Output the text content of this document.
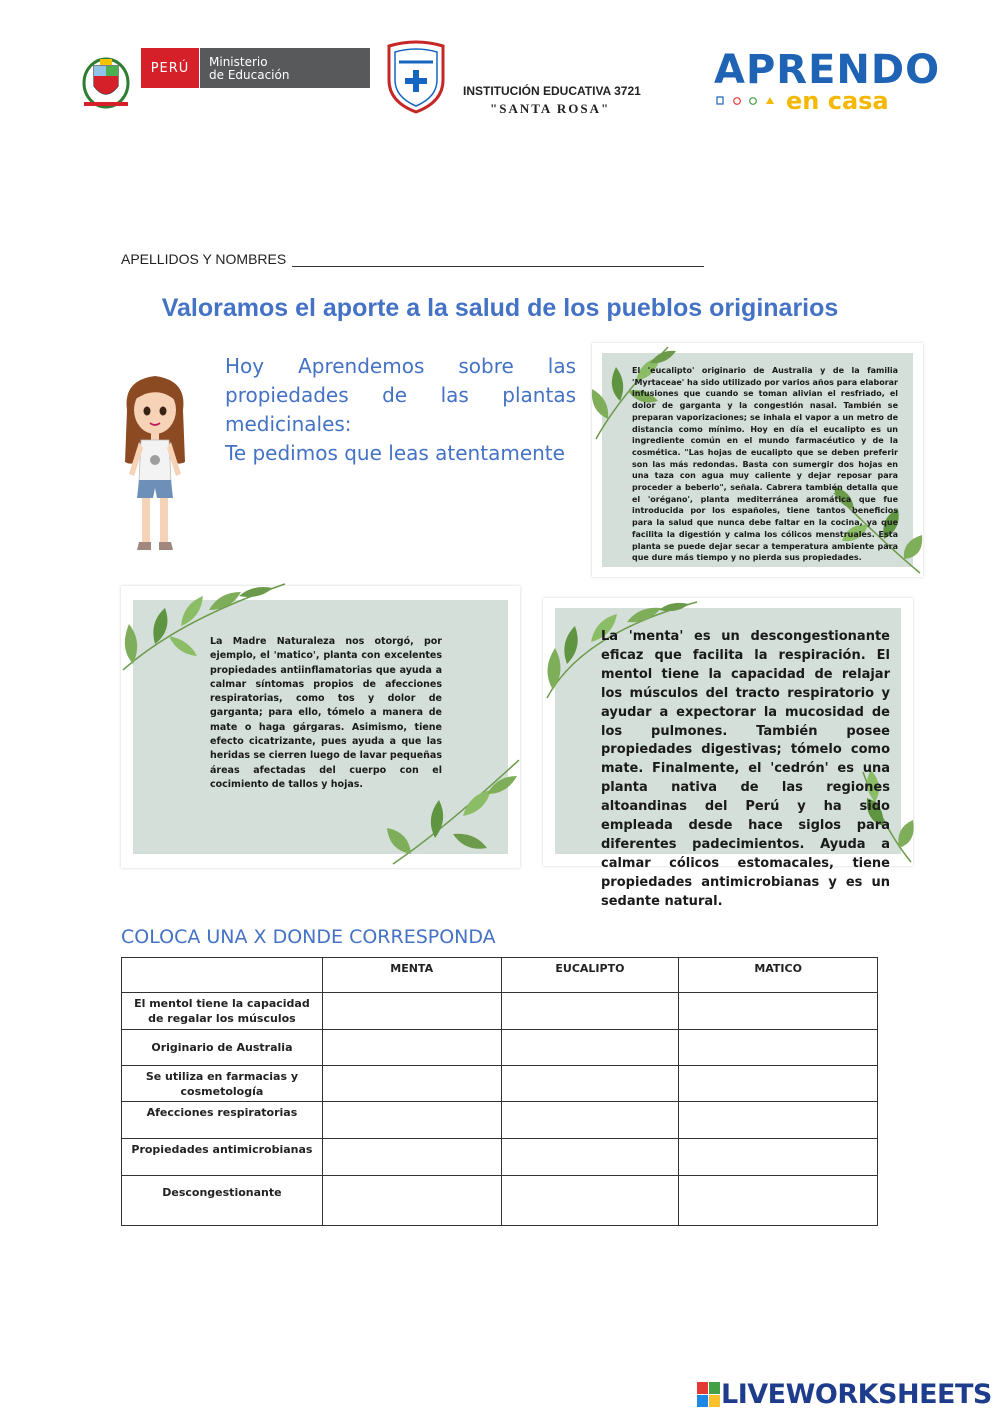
PERÚ	Ministerio
de Educación
INSTITUCIÓN EDUCATIVA 3721
"SANTA ROSA"
APRENDO
en casa
APELLIDOS Y NOMBRES
Valoramos el aporte a la salud de los pueblos originarios
Hoy Aprendemos sobre las
propiedades de las plantas
medicinales:
Te pedimos que leas atentamente
El 'eucalipto' originario de Australia y de la familia 'Myrtaceae' ha sido utilizado por varios años para elaborar infusiones que cuando se toman alivian el resfriado, el dolor de garganta y la congestión nasal. También se preparan vaporizaciones; se inhala el vapor a un metro de distancia como mínimo. Hoy en día el eucalipto es un ingrediente común en el mundo farmacéutico y de la cosmética. "Las hojas de eucalipto que se deben preferir son las más redondas. Basta con sumergir dos hojas en una taza con agua muy caliente y dejar reposar para proceder a beberlo", señala. Cabrera también detalla que el 'orégano', planta mediterránea aromática que fue introducida por los españoles, tiene tantos beneficios para la salud que nunca debe faltar en la cocina, ya que facilita la digestión y calma los cólicos menstruales. Esta planta se puede dejar secar a temperatura ambiente para que dure más tiempo y no pierda sus propiedades.
La Madre Naturaleza nos otorgó, por ejemplo, el 'matico', planta con excelentes propiedades antiinflamatorias que ayuda a calmar síntomas propios de afecciones respiratorias, como tos y dolor de garganta; para ello, tómelo a manera de mate o haga gárgaras. Asimismo, tiene efecto cicatrizante, pues ayuda a que las heridas se cierren luego de lavar pequeñas áreas afectadas del cuerpo con el cocimiento de tallos y hojas.
La 'menta' es un descongestionante eficaz que facilita la respiración. El mentol tiene la capacidad de relajar los músculos del tracto respiratorio y ayudar a expectorar la mucosidad de los pulmones. También posee propiedades digestivas; tómelo como mate. Finalmente, el 'cedrón' es una planta nativa de las regiones altoandinas del Perú y ha sido empleada desde hace siglos para diferentes padecimientos. Ayuda a calmar cólicos estomacales, tiene propiedades antimicrobianas y es un sedante natural.
COLOCA UNA X DONDE CORRESPONDA
	MENTA	EUCALIPTO	MATICO
El mentol tiene la capacidad de regalar los músculos			
Originario de Australia			
Se utiliza en farmacias y cosmetología			
Afecciones respiratorias			
Propiedades antimicrobianas			
Descongestionante			
LIVEWORKSHEETS
